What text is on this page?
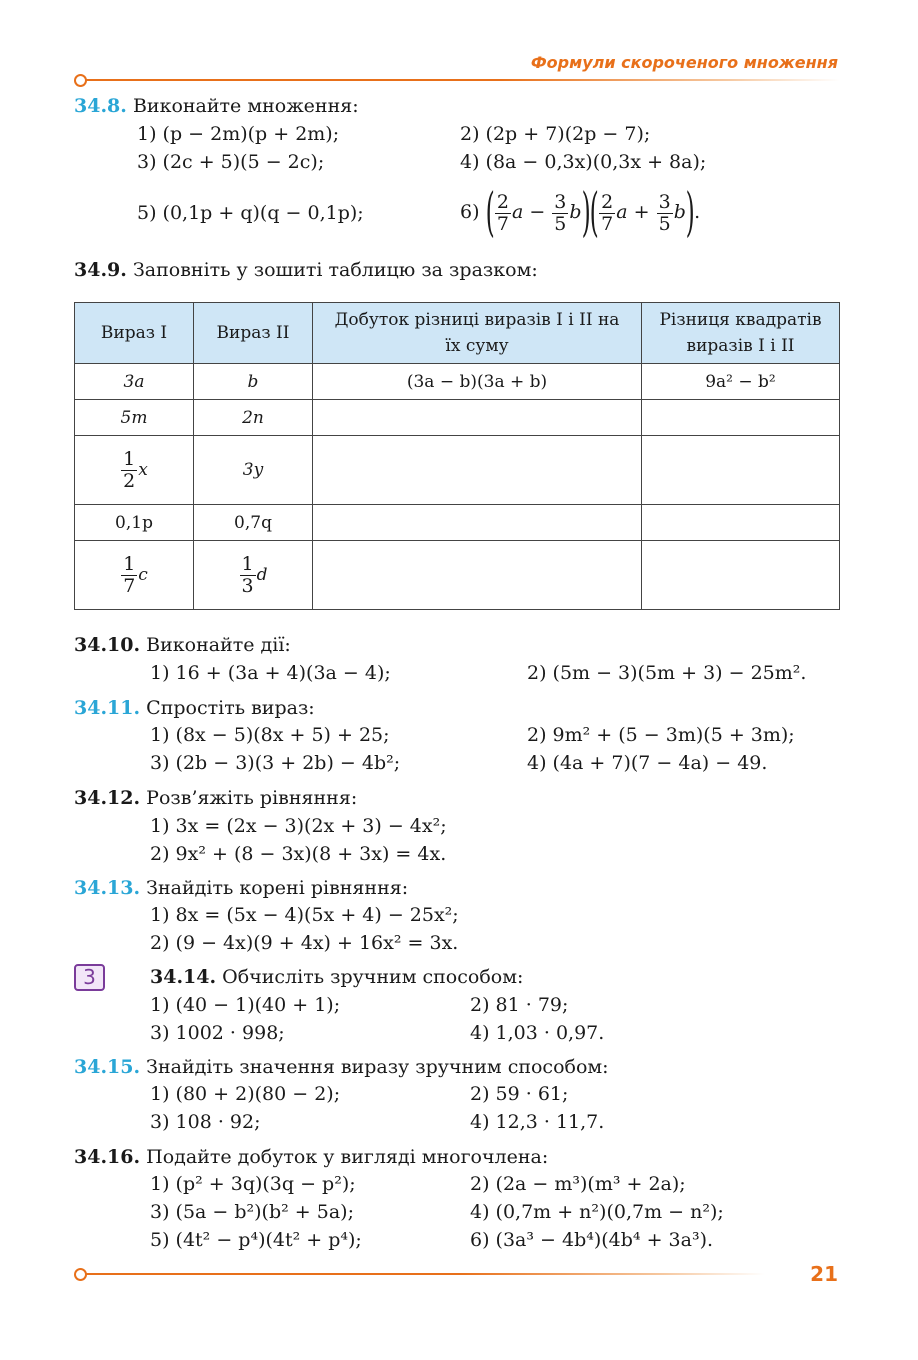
Формули скороченого множення
34.8. Виконайте множення:
1) (p − 2m)(p + 2m);	2) (2p + 7)(2p − 7);
3) (2c + 5)(5 − 2c);	4) (8a − 0,3x)(0,3x + 8a);
5) (0,1p + q)(q − 0,1p);	6) ( $\frac{2}{7}$ $a - \frac{3}{5} b)( \frac{2}{7}$ $a + \frac{3}{5} b$).
34.9. Заповніть у зошиті таблицю за зразком:
Вираз I	Вираз II	Добуток різниці виразів I і II на їх суму	Різниця квадратів виразів I і II
3a	b	(3a − b)(3a + b)	9a² − b²
5m	2n		

$\frac{1}{2}$ x	3y		
0,1p	0,7q		

$\frac{1}{7}$ c	$\frac{1}{3}$ d		
34.10. Виконайте дії:
1) 16 + (3a + 4)(3a − 4);	2) (5m − 3)(5m + 3) − 25m².
34.11. Спростіть вираз:
1) (8x − 5)(8x + 5) + 25;	2) 9m² + (5 − 3m)(5 + 3m);
3) (2b − 3)(3 + 2b) − 4b²;	4) (4a + 7)(7 − 4a) − 49.
34.12. Розв’яжіть рівняння:
1) 3x = (2x − 3)(2x + 3) − 4x²;
2) 9x² + (8 − 3x)(8 + 3x) = 4x.
34.13. Знайдіть корені рівняння:
1) 8x = (5x − 4)(5x + 4) − 25x²;
2) (9 − 4x)(9 + 4x) + 16x² = 3x.
3	34.14. Обчисліть зручним способом:
1) (40 − 1)(40 + 1);	2) 81 · 79;
3) 1002 · 998;	4) 1,03 · 0,97.
34.15. Знайдіть значення виразу зручним способом:
1) (80 + 2)(80 − 2);	2) 59 · 61;
3) 108 · 92;	4) 12,3 · 11,7.
34.16. Подайте добуток у вигляді многочлена:
1) (p² + 3q)(3q − p²);	2) (2a − m³)(m³ + 2a);
3) (5a − b²)(b² + 5a);	4) (0,7m + n²)(0,7m − n²);
5) (4t² − p⁴)(4t² + p⁴);	6) (3a³ − 4b⁴)(4b⁴ + 3a³).
21
